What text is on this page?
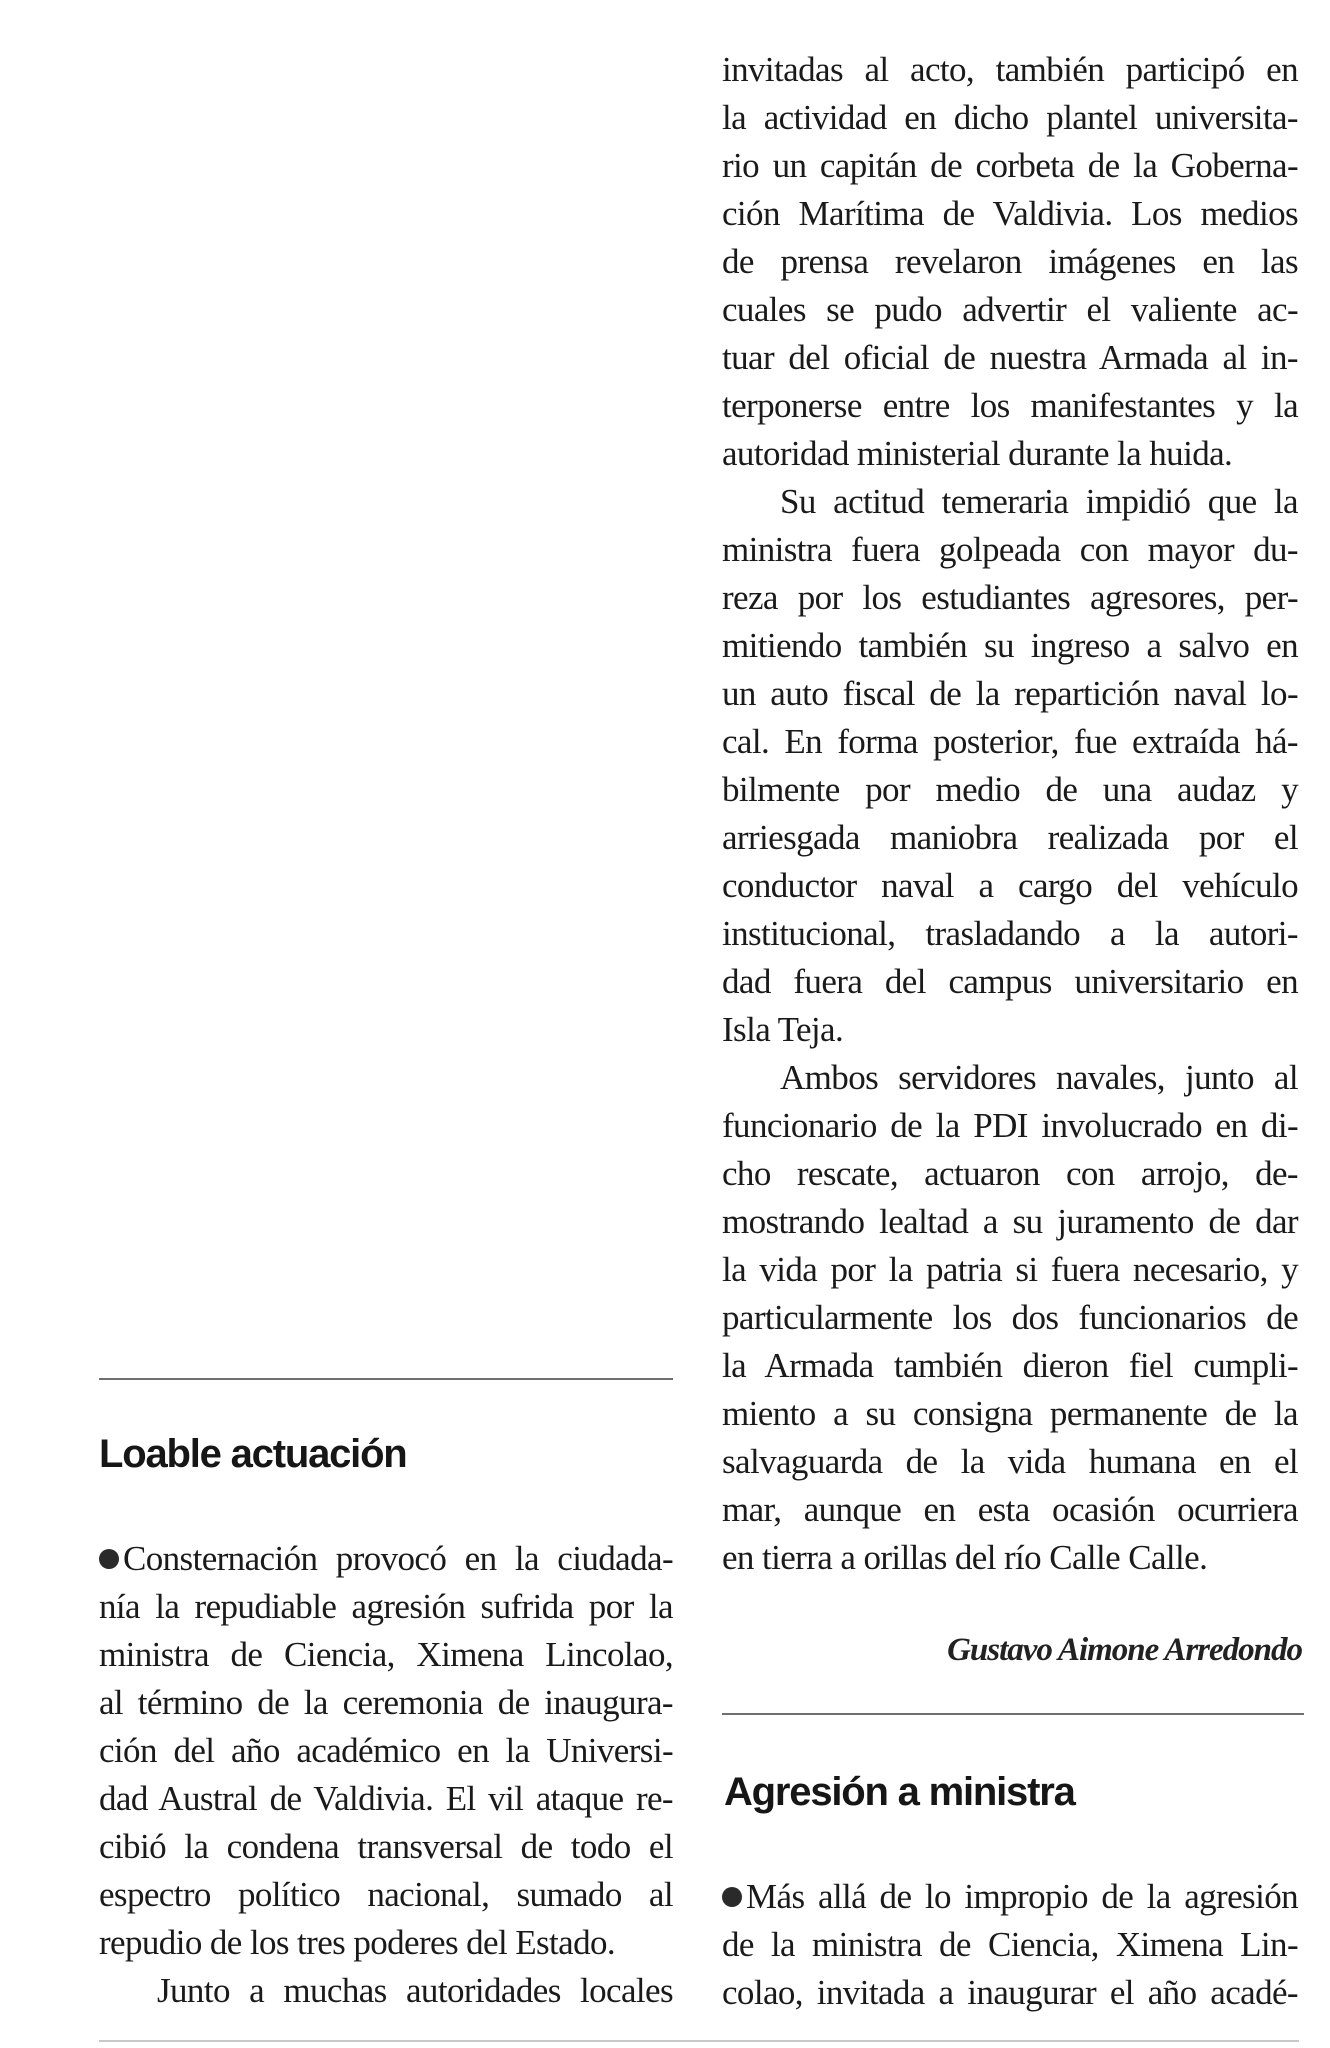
invitadas al acto, también participó en
la actividad en dicho plantel universita-
rio un capitán de corbeta de la Goberna-
ción Marítima de Valdivia. Los medios
de prensa revelaron imágenes en las
cuales se pudo advertir el valiente ac-
tuar del oficial de nuestra Armada al in-
terponerse entre los manifestantes y la
autoridad ministerial durante la huida.
Su actitud temeraria impidió que la
ministra fuera golpeada con mayor du-
reza por los estudiantes agresores, per-
mitiendo también su ingreso a salvo en
un auto fiscal de la repartición naval lo-
cal. En forma posterior, fue extraída há-
bilmente por medio de una audaz y
arriesgada maniobra realizada por el
conductor naval a cargo del vehículo
institucional, trasladando a la autori-
dad fuera del campus universitario en
Isla Teja.
Ambos servidores navales, junto al
funcionario de la PDI involucrado en di-
cho rescate, actuaron con arrojo, de-
mostrando lealtad a su juramento de dar
la vida por la patria si fuera necesario, y
particularmente los dos funcionarios de
la Armada también dieron fiel cumpli-
miento a su consigna permanente de la
salvaguarda de la vida humana en el
mar, aunque en esta ocasión ocurriera
en tierra a orillas del río Calle Calle.
Gustavo Aimone Arredondo
Loable actuación
Consternación provocó en la ciudada-
nía la repudiable agresión sufrida por la
ministra de Ciencia, Ximena Lincolao,
al término de la ceremonia de inaugura-
ción del año académico en la Universi-
dad Austral de Valdivia. El vil ataque re-
cibió la condena transversal de todo el
espectro político nacional, sumado al
repudio de los tres poderes del Estado.
Junto a muchas autoridades locales
Agresión a ministra
Más allá de lo impropio de la agresión
de la ministra de Ciencia, Ximena Lin-
colao, invitada a inaugurar el año acadé-
